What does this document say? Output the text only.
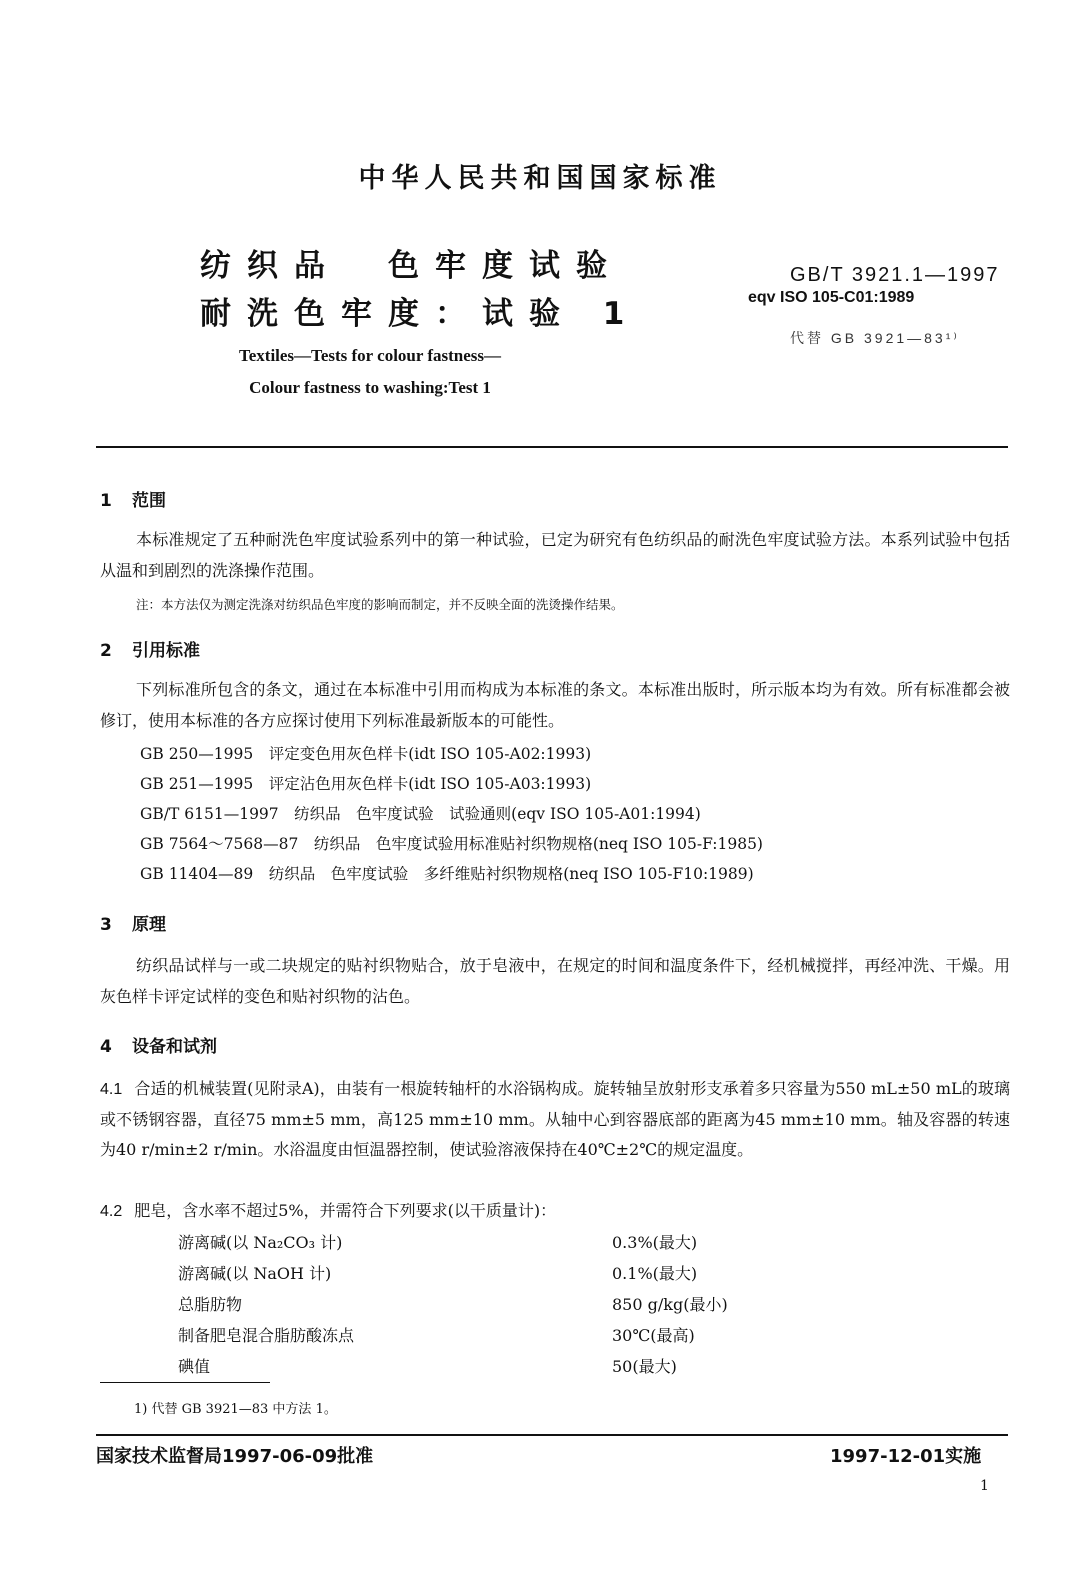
中华人民共和国国家标准
纺织品　色牢度试验
耐洗色牢度：试验 1
Textiles—Tests for colour fastness—
Colour fastness to washing:Test 1
GB/T 3921.1—1997
eqv ISO 105-C01:1989
代替 GB 3921—83¹⁾
1 范围
本标准规定了五种耐洗色牢度试验系列中的第一种试验，已定为研究有色纺织品的耐洗色牢度试验方法。本系列试验中包括从温和到剧烈的洗涤操作范围。
注：本方法仅为测定洗涤对纺织品色牢度的影响而制定，并不反映全面的洗烫操作结果。
2 引用标准
下列标准所包含的条文，通过在本标准中引用而构成为本标准的条文。本标准出版时，所示版本均为有效。所有标准都会被修订，使用本标准的各方应探讨使用下列标准最新版本的可能性。
GB 250—1995　评定变色用灰色样卡(idt ISO 105-A02:1993)
GB 251—1995　评定沾色用灰色样卡(idt ISO 105-A03:1993)
GB/T 6151—1997　纺织品　色牢度试验　试验通则(eqv ISO 105-A01:1994)
GB 7564～7568—87　纺织品　色牢度试验用标准贴衬织物规格(neq ISO 105-F:1985)
GB 11404—89　纺织品　色牢度试验　多纤维贴衬织物规格(neq ISO 105-F10:1989)
3 原理
纺织品试样与一或二块规定的贴衬织物贴合，放于皂液中，在规定的时间和温度条件下，经机械搅拌，再经冲洗、干燥。用灰色样卡评定试样的变色和贴衬织物的沾色。
4 设备和试剂
4.1 合适的机械装置(见附录A)，由装有一根旋转轴杆的水浴锅构成。旋转轴呈放射形支承着多只容量为550 mL±50 mL的玻璃或不锈钢容器，直径75 mm±5 mm，高125 mm±10 mm。从轴中心到容器底部的距离为45 mm±10 mm。轴及容器的转速为40 r/min±2 r/min。水浴温度由恒温器控制，使试验溶液保持在40℃±2℃的规定温度。
4.2 肥皂，含水率不超过5%，并需符合下列要求(以干质量计)：
游离碱(以 Na₂CO₃ 计)	0.3%(最大)
游离碱(以 NaOH 计)	0.1%(最大)
总脂肪物	850 g/kg(最小)
制备肥皂混合脂肪酸冻点	30℃(最高)
碘值	50(最大)
1) 代替 GB 3921—83 中方法 1。
国家技术监督局1997-06-09批准	1997-12-01实施
1
